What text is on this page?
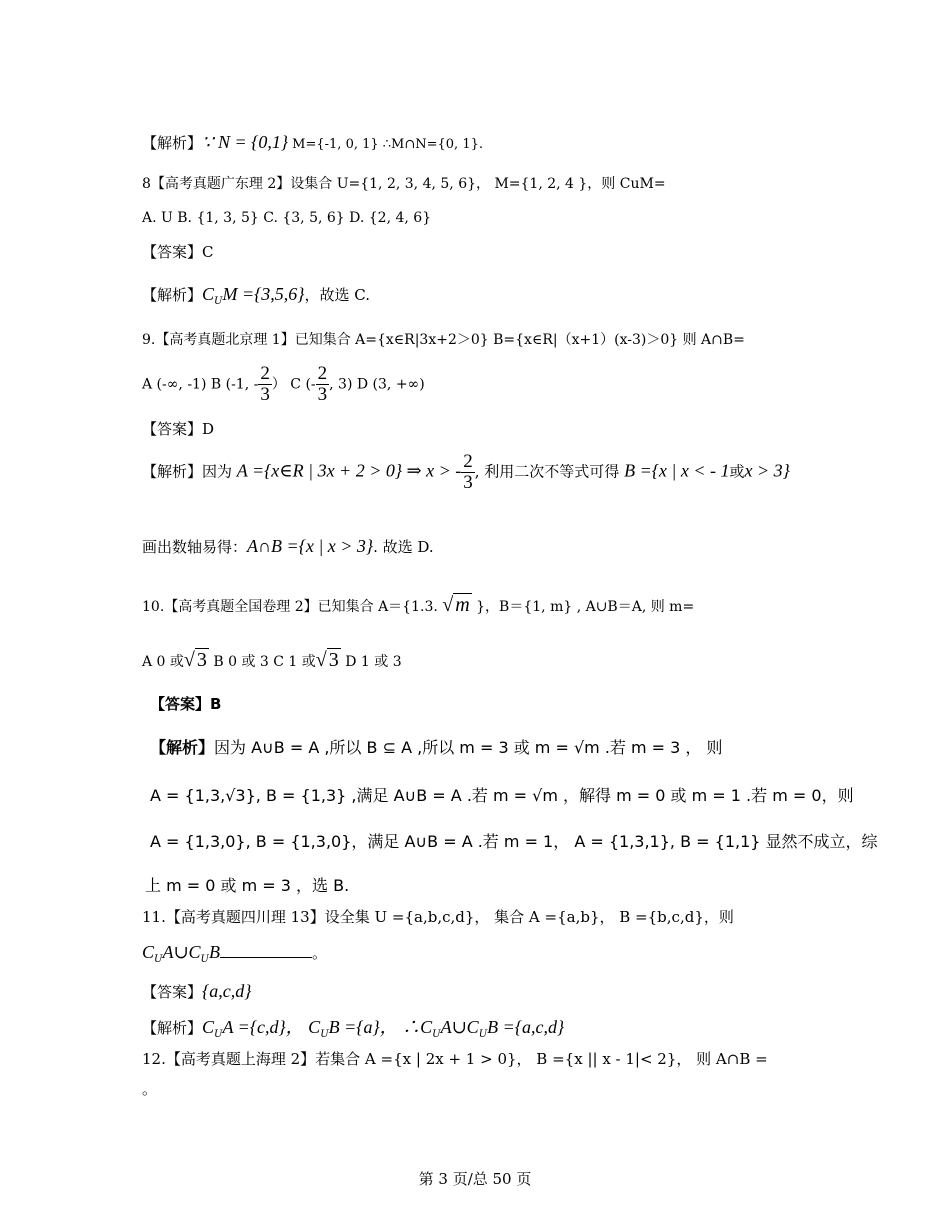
【解析】∵ N = {0,1} M={-1, 0, 1} ∴M∩N={0, 1}.
8【高考真题广东理 2】设集合 U={1, 2, 3, 4, 5, 6}， M={1, 2, 4 }，则 CuM=
A. U B. {1, 3, 5} C. {3, 5, 6} D. {2, 4, 6}
【答案】C
【解析】$C_UM =\{3,5,6\}$，故选 C.
9.【高考真题北京理 1】已知集合 A={x∈R|3x+2＞0} B={x∈R|（x+1）(x-3)＞0} 则 A∩B=
A (-∞, -1) B (-1, - $\frac{2}{3}$ ） C (- $\frac{2}{3}$ , 3) D (3, +∞)
【答案】D
【解析】因为 A ={x∈R | 3x + 2 > 0} ⇒ x > - $\frac{2}{3}$ , 利用二次不等式可得 B ={x | x < - 1或x > 3}
画出数轴易得：A∩B ={x | x > 3}. 故选 D.
10.【高考真题全国卷理 2】已知集合 A＝{1.3. √ m }，B＝{1, m} , A∪B＝A, 则 m=
A 0 或√ 3 B 0 或 3 C 1 或√ 3 D 1 或 3
【答案】B
【解析】因为 A∪B = A ,所以 B ⊆ A ,所以 m = 3 或 m = √m .若 m = 3 ， 则
A = {1,3,√3}, B = {1,3} ,满足 A∪B = A .若 m = √m ，解得 m = 0 或 m = 1 .若 m = 0，则
A = {1,3,0}, B = {1,3,0}，满足 A∪B = A .若 m = 1， A = {1,3,1}, B = {1,1} 显然不成立，综
上 m = 0 或 m = 3 ，选 B.
11.【高考真题四川理 13】设全集 U ={a,b,c,d}， 集合 A ={a,b}， B ={b,c,d}，则
$C_UA\cup C_UB$	。
【答案】{a,c,d}
【解析】$C_UA =\{c,d\}$， $C_UB =\{a\}$， $\therefore C_UA\cup C_UB =\{a,c,d\}$
12.【高考真题上海理 2】若集合 A ={x | 2x + 1 > 0}， B ={x || x - 1|< 2}， 则 A∩B =
。
第 3 页/总 50 页
